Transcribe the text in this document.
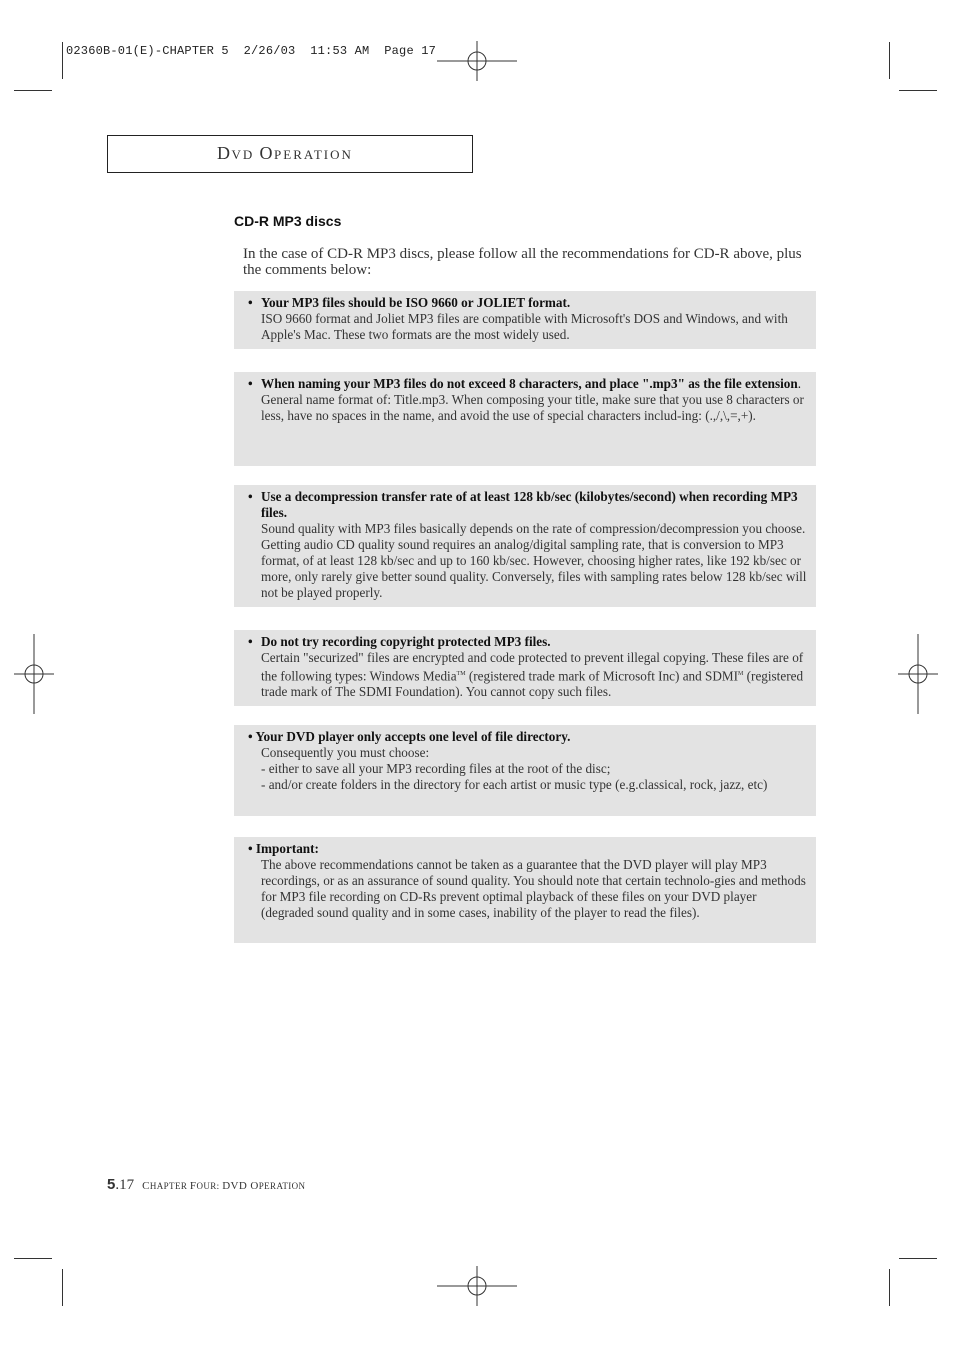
02360B-01(E)-CHAPTER 5  2/26/03  11:53 AM  Page 17
DVD OPERATION
CD-R MP3 discs
In the case of CD-R MP3 discs, please follow all the recommendations for CD-R above, plus the comments below:
• Your MP3 files should be ISO 9660 or JOLIET format.
ISO 9660 format and Joliet MP3 files are compatible with Microsoft's DOS and Windows, and with Apple's Mac. These two formats are the most widely used.
• When naming your MP3 files do not exceed 8 characters, and place ".mp3" as the file extension.
General name format of: Title.mp3. When composing your title, make sure that you use 8 characters or less, have no spaces in the name, and avoid the use of special characters includ-ing: (.,/,\,=,+).
• Use a decompression transfer rate of at least 128 kb/sec (kilobytes/second) when recording MP3 files.
Sound quality with MP3 files basically depends on the rate of compression/decompression you choose. Getting audio CD quality sound requires an analog/digital sampling rate, that is conversion to MP3 format, of at least 128 kb/sec and up to 160 kb/sec. However, choosing higher rates, like 192 kb/sec or more, only rarely give better sound quality. Conversely, files with sampling rates below 128 kb/sec will not be played properly.
• Do not try recording copyright protected MP3 files.
Certain "securized" files are encrypted and code protected to prevent illegal copying. These files are of the following types: Windows Media™ (registered trade mark of Microsoft Inc) and $SDMI^M$ (registered trade mark of The SDMI Foundation). You cannot copy such files.
• Your DVD player only accepts one level of file directory.
Consequently you must choose:
- either to save all your MP3 recording files at the root of the disc;
- and/or create folders in the directory for each artist or music type (e.g.classical, rock, jazz, etc)
• Important:
The above recommendations cannot be taken as a guarantee that the DVD player will play MP3 recordings, or as an assurance of sound quality. You should note that certain technolo-gies and methods for MP3 file recording on CD-Rs prevent optimal playback of these files on your DVD player (degraded sound quality and in some cases, inability of the player to read the files).
5.17 CHAPTER FOUR: DVD OPERATION
